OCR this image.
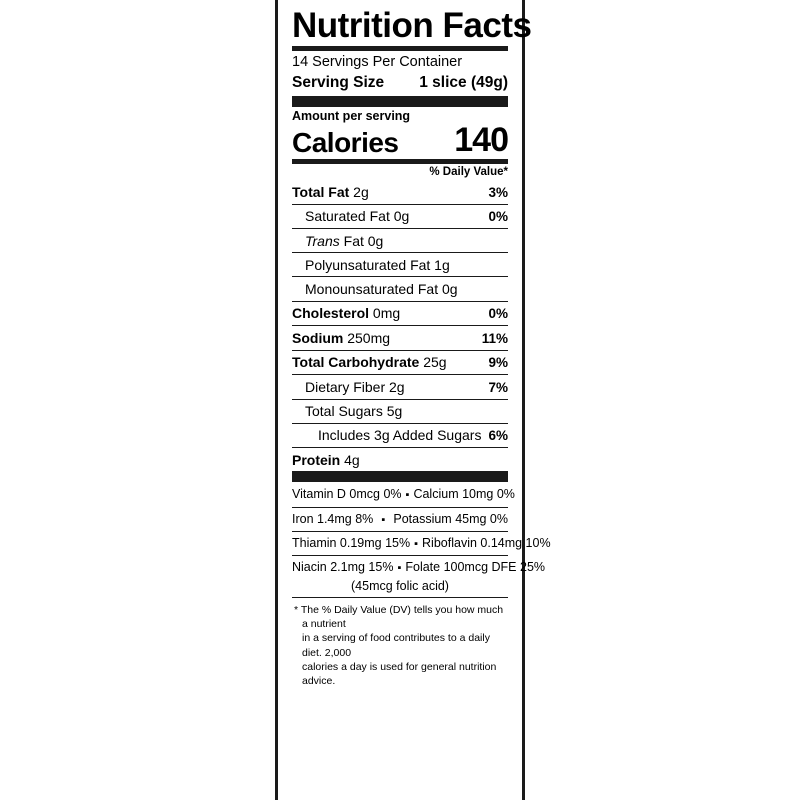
Nutrition Facts
14 Servings Per Container
Serving Size 1 slice (49g)
Amount per serving
Calories 140
% Daily Value*
Total Fat 2g	3%
Saturated Fat 0g	0%
Trans Fat 0g
Polyunsaturated Fat 1g
Monounsaturated Fat 0g
Cholesterol 0mg	0%
Sodium 250mg	11%
Total Carbohydrate 25g	9%
Dietary Fiber 2g	7%
Total Sugars 5g
Includes 3g Added Sugars 6%
Protein 4g
Vitamin D 0mcg 0% ▪ Calcium 10mg 0%
Iron 1.4mg 8% ▪ Potassium 45mg 0%
Thiamin 0.19mg 15% ▪ Riboflavin 0.14mg 10%
Niacin 2.1mg 15% ▪ Folate 100mcg DFE 25%
(45mcg folic acid)
* The % Daily Value (DV) tells you how much a nutrient
in a serving of food contributes to a daily diet. 2,000
calories a day is used for general nutrition advice.
